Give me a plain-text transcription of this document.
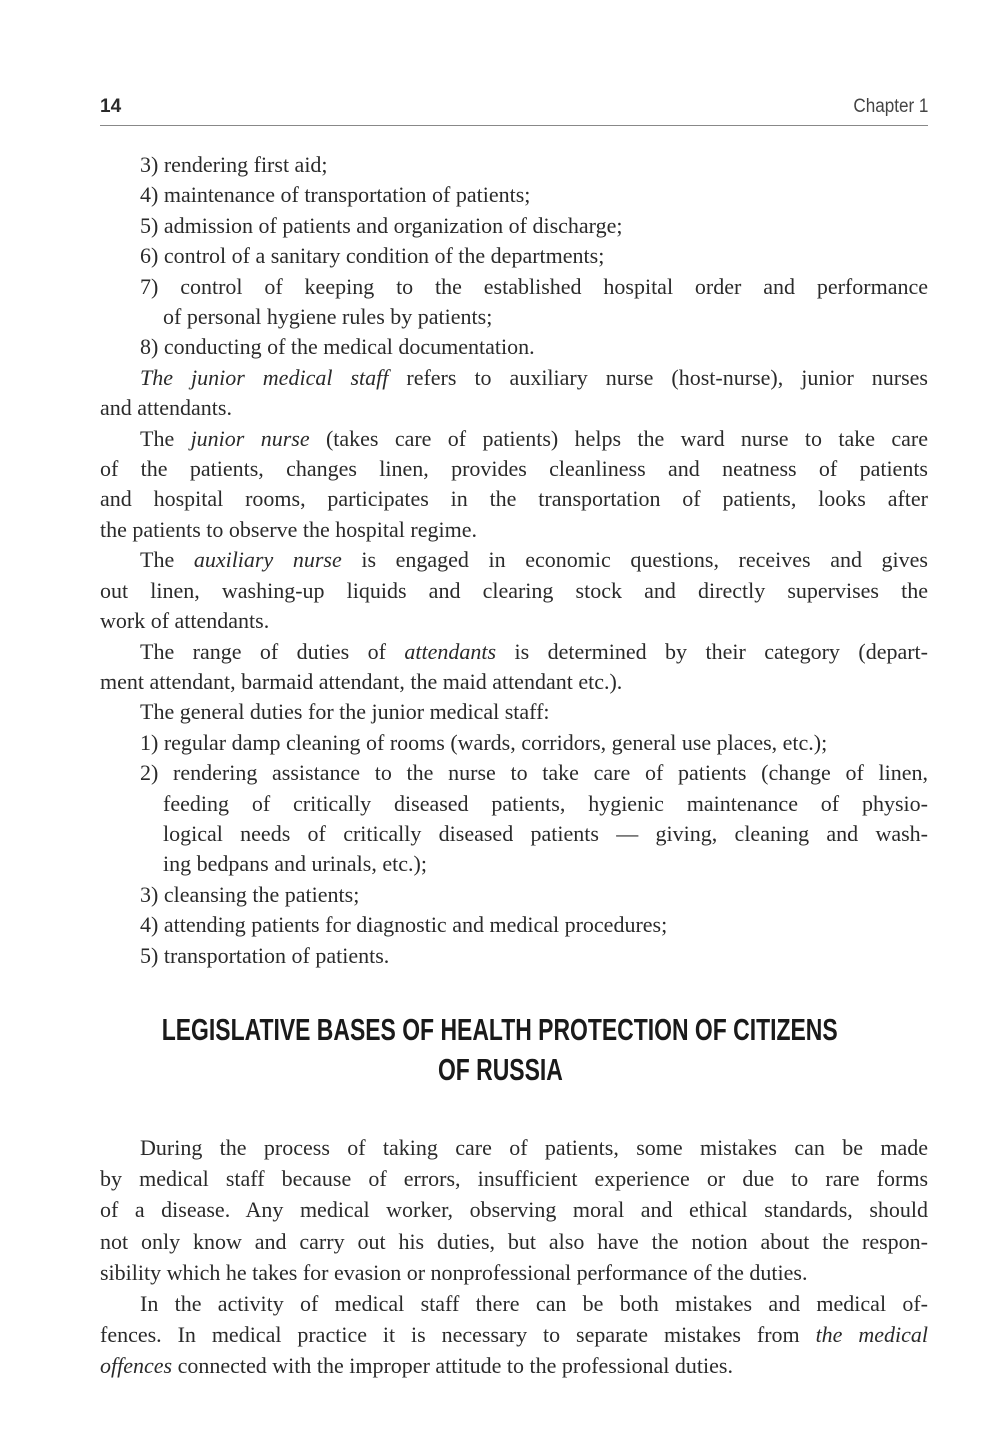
14	Chapter 1
3) rendering first aid;
4) maintenance of transportation of patients;
5) admission of patients and organization of discharge;
6) control of a sanitary condition of the departments;
7) control of keeping to the established hospital order and performance
of personal hygiene rules by patients;
8) conducting of the medical documentation.
The junior medical staff refers to auxiliary nurse (host-nurse), junior nurses
and attendants.
The junior nurse (takes care of patients) helps the ward nurse to take care
of the patients, changes linen, provides cleanliness and neatness of patients
and hospital rooms, participates in the transportation of patients, looks after
the patients to observe the hospital regime.
The auxiliary nurse is engaged in economic questions, receives and gives
out linen, washing-up liquids and clearing stock and directly supervises the
work of attendants.
The range of duties of attendants is determined by their category (depart-
ment attendant, barmaid attendant, the maid attendant etc.).
The general duties for the junior medical staff:
1) regular damp cleaning of rooms (wards, corridors, general use places, etc.);
2) rendering assistance to the nurse to take care of patients (change of linen,
feeding of critically diseased patients, hygienic maintenance of physio-
logical needs of critically diseased patients — giving, cleaning and wash-
ing bedpans and urinals, etc.);
3) cleansing the patients;
4) attending patients for diagnostic and medical procedures;
5) transportation of patients.
LEGISLATIVE BASES OF HEALTH PROTECTION OF CITIZENS
OF RUSSIA
During the process of taking care of patients, some mistakes can be made
by medical staff because of errors, insufficient experience or due to rare forms
of a disease. Any medical worker, observing moral and ethical standards, should
not only know and carry out his duties, but also have the notion about the respon-
sibility which he takes for evasion or nonprofessional performance of the duties.
In the activity of medical staff there can be both mistakes and medical of-
fences. In medical practice it is necessary to separate mistakes from the medical
offences connected with the improper attitude to the professional duties.
